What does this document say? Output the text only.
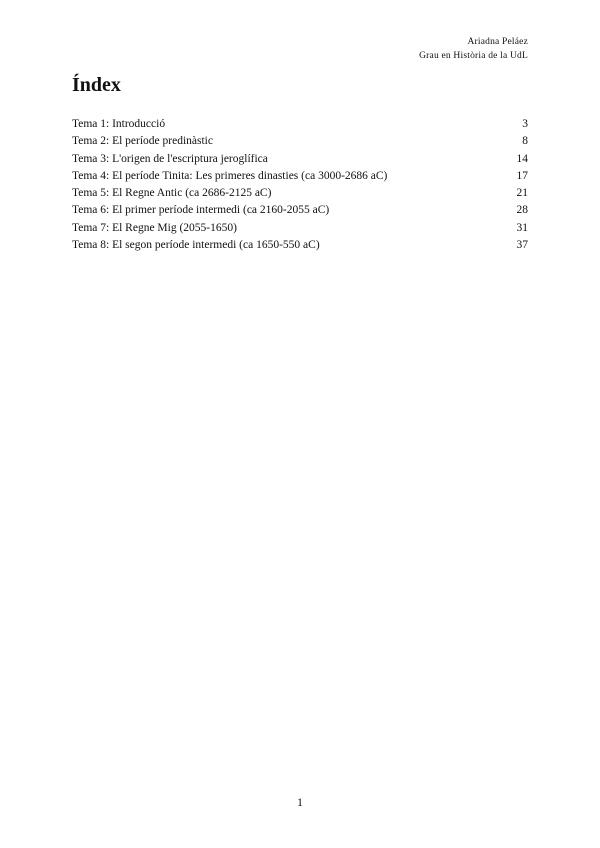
Ariadna Peláez
Grau en Història de la UdL
Índex
Tema 1: Introducció	3
Tema 2: El període predinàstic	8
Tema 3: L'origen de l'escriptura jeroglífica	14
Tema 4: El període Tinita: Les primeres dinasties (ca 3000-2686 aC)	17
Tema 5: El Regne Antic (ca 2686-2125 aC)	21
Tema 6: El primer període intermedi (ca 2160-2055 aC)	28
Tema 7: El Regne Mig (2055-1650)	31
Tema 8: El segon període intermedi (ca 1650-550 aC)	37
1
